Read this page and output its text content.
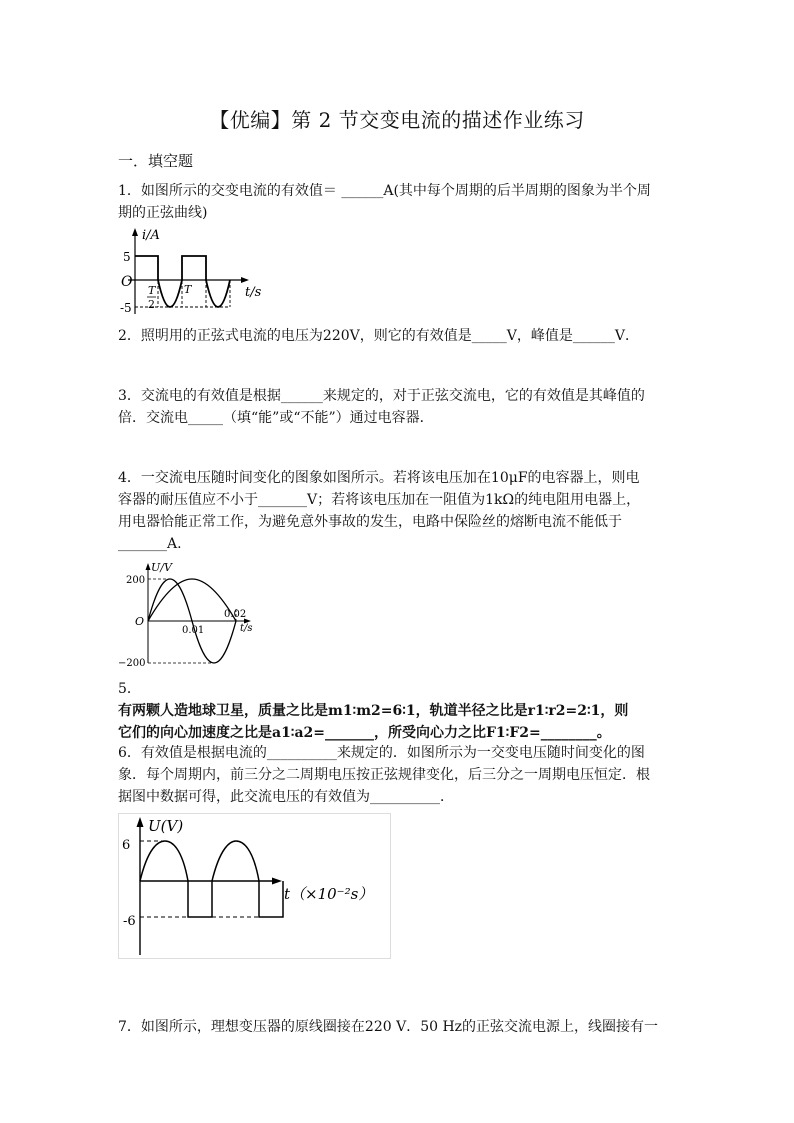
【优编】第 2 节交变电流的描述作业练习
一．填空题
1．如图所示的交变电流的有效值＝ ______A(其中每个周期的后半周期的图象为半个周
期的正弦曲线)
i/A
t/s
O
5
-5
T
2
T
2．照明用的正弦式电流的电压为220V，则它的有效值是_____V，峰值是______V．
3．交流电的有效值是根据______来规定的，对于正弦交流电，它的有效值是其峰值的
倍．交流电_____（填“能”或“不能”）通过电容器．
4．一交流电压随时间变化的图象如图所示。若将该电压加在10μF的电容器上，则电
容器的耐压值应不小于_______V；若将该电压加在一阻值为1kΩ的纯电阻用电器上，
用电器恰能正常工作，为避免意外事故的发生，电路中保险丝的熔断电流不能低于
_______A.
U/V
t/s
O
200
−200
0.01
0.02
5．
有两颗人造地球卫星，质量之比是m1∶m2=6∶1，轨道半径之比是r1∶r2=2∶1，则
它们的向心加速度之比是a1∶a2=_______，所受向心力之比F1∶F2=________。
6．有效值是根据电流的__________来规定的．如图所示为一交变电压随时间变化的图
象．每个周期内，前三分之二周期电压按正弦规律变化，后三分之一周期电压恒定．根
据图中数据可得，此交流电压的有效值为__________．
U(V)
t（×10⁻²s）
6
-6
7．如图所示，理想变压器的原线圈接在220 V．50 Hz的正弦交流电源上，线圈接有一
